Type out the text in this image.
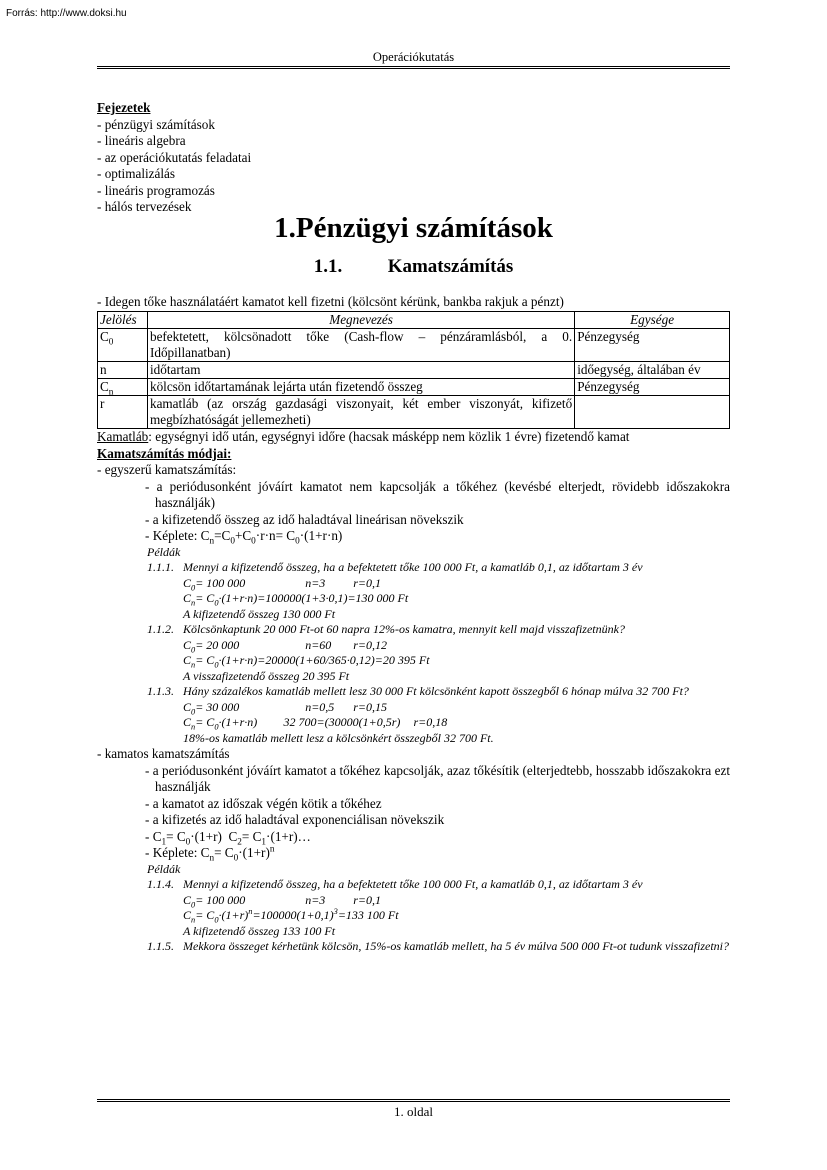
Forrás: http://www.doksi.hu
Operációkutatás
Fejezetek
- pénzügyi számítások
- lineáris algebra
- az operációkutatás feladatai
- optimalizálás
- lineáris programozás
- hálós tervezések
1.Pénzügyi számítások
1.1. Kamatszámítás
- Idegen tőke használatáért kamatot kell fizetni (kölcsönt kérünk, bankba rakjuk a pénzt)
Jelölés	Megnevezés	Egysége
$C_0$	befektetett, kölcsönadott tőke (Cash-flow – pénzáramlásból, a 0. Időpillanatban)	Pénzegység
n	időtartam	időegység, általában év
$C_n$	kölcsön időtartamának lejárta után fizetendő összeg	Pénzegység
r	kamatláb (az ország gazdasági viszonyait, két ember viszonyát, kifizető megbízhatóságát jellemezheti)	
Kamatláb: egységnyi idő után, egységnyi időre (hacsak másképp nem közlik 1 évre) fizetendő kamat
Kamatszámítás módjai:
- egyszerű kamatszámítás:
- a periódusonként jóváírt kamatot nem kapcsolják a tőkéhez (kevésbé elterjedt, rövidebb időszakokra használják)
- a kifizetendő összeg az idő haladtával lineárisan növekszik
- Képlete: $C_n=C_0+C_0\cdot r\cdot n= C_0\cdot(1+r\cdot n)$
Példák
1.1.1. Mennyi a kifizetendő összeg, ha a befektetett tőke 100 000 Ft, a kamatláb 0,1, az időtartam 3 év
$C_0= 100$ 000	n=3 r=0,1
$C_n= C_0\cdot(1+r\cdot n)=100000(1+3\cdot 0,1)=130$ 000 Ft
A kifizetendő összeg 130 000 Ft
1.1.2. Kölcsönkaptunk 20 000 Ft-ot 60 napra 12%-os kamatra, mennyit kell majd visszafizetnünk?
$C_0= 20$ 000	n=60 r=0,12
$C_n= C_0\cdot(1+r\cdot n)=20000(1+60/365\cdot 0,12)=20$ 395 Ft
A visszafizetendő összeg 20 395 Ft
1.1.3. Hány százalékos kamatláb mellett lesz 30 000 Ft kölcsönként kapott összegből 6 hónap múlva 32 700 Ft?
$C_0= 30$ 000	n=0,5 r=0,15
$C_n= C_0\cdot(1+r\cdot n)$ 32 700=(30000(1+0,5r) r=0,18
18%-os kamatláb mellett lesz a kölcsönkért összegből 32 700 Ft.
- kamatos kamatszámítás
- a periódusonként jóváírt kamatot a tőkéhez kapcsolják, azaz tőkésítik (elterjedtebb, hosszabb időszakokra ezt használják
- a kamatot az időszak végén kötik a tőkéhez
- a kifizetés az idő haladtával exponenciálisan növekszik
- $C_1= C_0\cdot(1+r)$  $C_2=$ $C_1\cdot(1+r)\dots$
- Képlete: $C_n= C_0\cdot(1+r)^n$
Példák
1.1.4. Mennyi a kifizetendő összeg, ha a befektetett tőke 100 000 Ft, a kamatláb 0,1, az időtartam 3 év
$C_0= 100$ 000	n=3 r=0,1
$C_n= C_0\cdot(1+r)^n=100000(1+0,1)^3=133$ 100 Ft
A kifizetendő összeg 133 100 Ft
1.1.5. Mekkora összeget kérhetünk kölcsön, 15%-os kamatláb mellett, ha 5 év múlva 500 000 Ft-ot tudunk visszafizetni?
1. oldal
